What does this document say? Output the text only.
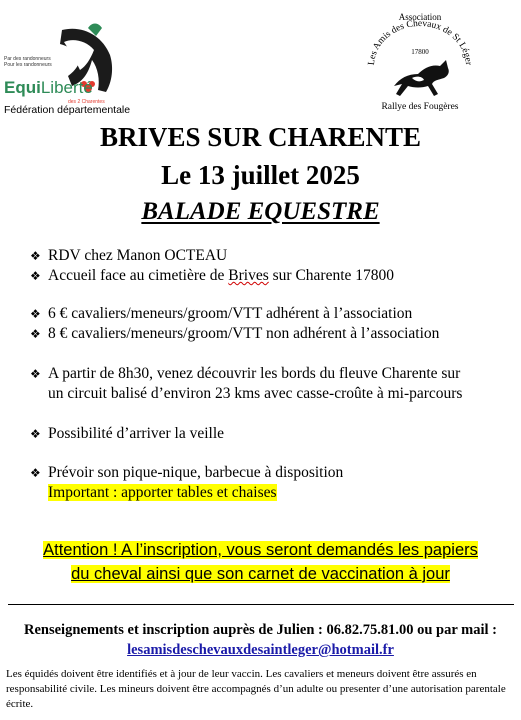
Par des randonneurs
Pour les randonneurs
EquiLiberté
des 2 Charentes
Fédération départementale
Association
Les Amis des Chevaux de St Léger
17800
Rallye des Fougères
BRIVES SUR CHARENTE
Le 13 juillet 2025
BALADE EQUESTRE
❖ RDV chez Manon OCTEAU
❖ Accueil face au cimetière de Brives sur Charente 17800
❖ 6 € cavaliers/meneurs/groom/VTT adhérent à l’association
❖ 8 € cavaliers/meneurs/groom/VTT non adhérent à l’association
❖ A partir de 8h30, venez découvrir les bords du fleuve Charente sur
un circuit balisé d’environ 23 kms avec casse-croûte à mi-parcours
❖ Possibilité d’arriver la veille
❖ Prévoir son pique-nique, barbecue à disposition
Important : apporter tables et chaises
Attention ! A l’inscription, vous seront demandés les papiers
du cheval ainsi que son carnet de vaccination à jour
Renseignements et inscription auprès de Julien : 06.82.75.81.00 ou par mail :
lesamisdeschevauxdesaintleger@hotmail.fr
Les équidés doivent être identifiés et à jour de leur vaccin. Les cavaliers et meneurs doivent être assurés en responsabilité civile. Les mineurs doivent être accompagnés d’un adulte ou presenter d’une autorisation parentale écrite.
